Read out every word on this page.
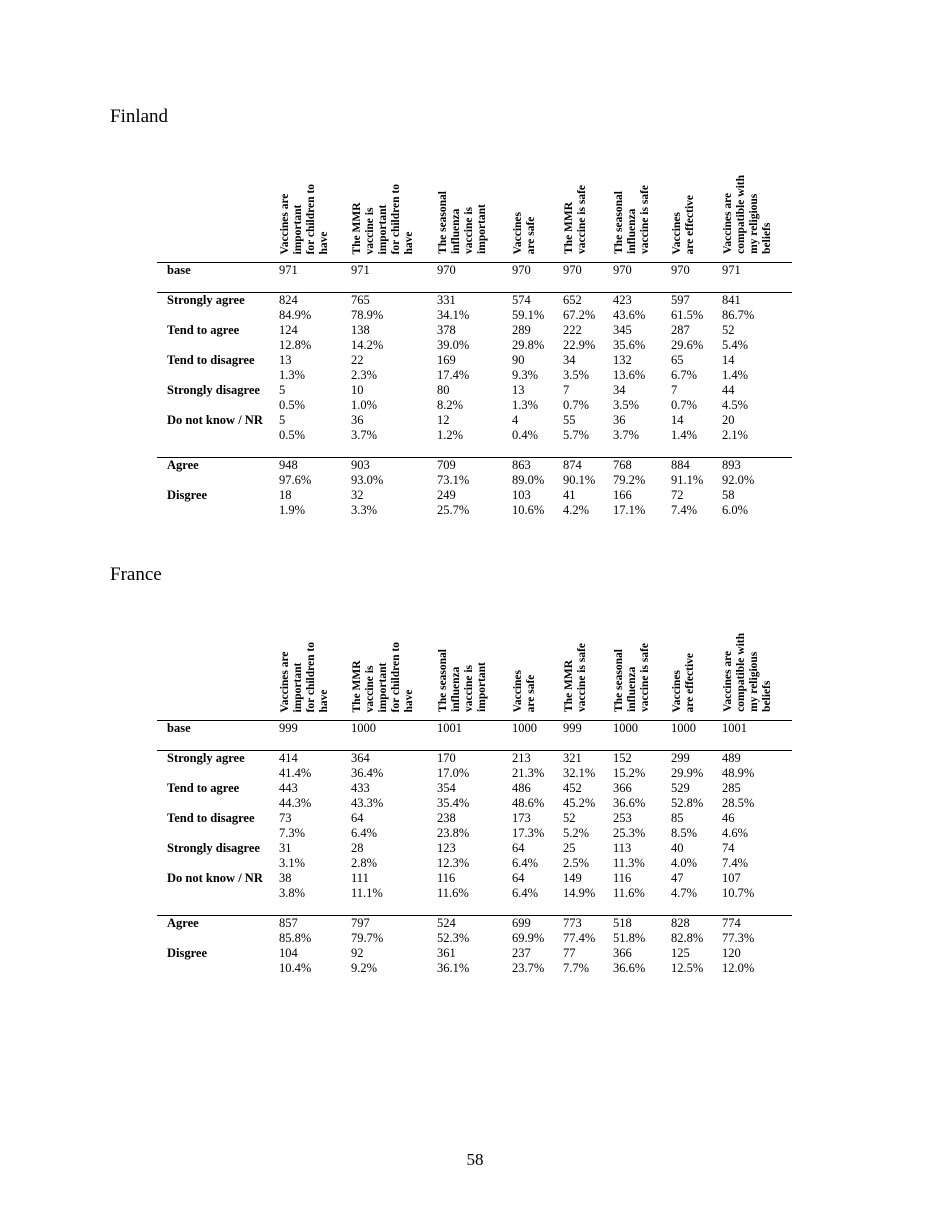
Finland
	Vaccines are
important
for children to
have	The MMR
vaccine is
important
for children to
have	The seasonal
influenza
vaccine is
important	Vaccines
are safe	The MMR
vaccine is safe	The seasonal
influenza
vaccine is safe	Vaccines
are effective	Vaccines are
compatible with
my religious
beliefs
base	971	971	970	970	970	970	970	971

Strongly agree	824	765	331	574	652	423	597	841
	84.9%	78.9%	34.1%	59.1%	67.2%	43.6%	61.5%	86.7%
Tend to agree	124	138	378	289	222	345	287	52
	12.8%	14.2%	39.0%	29.8%	22.9%	35.6%	29.6%	5.4%
Tend to disagree	13	22	169	90	34	132	65	14
	1.3%	2.3%	17.4%	9.3%	3.5%	13.6%	6.7%	1.4%
Strongly disagree	5	10	80	13	7	34	7	44
	0.5%	1.0%	8.2%	1.3%	0.7%	3.5%	0.7%	4.5%
Do not know / NR	5	36	12	4	55	36	14	20
	0.5%	3.7%	1.2%	0.4%	5.7%	3.7%	1.4%	2.1%

Agree	948	903	709	863	874	768	884	893
	97.6%	93.0%	73.1%	89.0%	90.1%	79.2%	91.1%	92.0%
Disgree	18	32	249	103	41	166	72	58
	1.9%	3.3%	25.7%	10.6%	4.2%	17.1%	7.4%	6.0%
France
	Vaccines are
important
for children to
have	The MMR
vaccine is
important
for children to
have	The seasonal
influenza
vaccine is
important	Vaccines
are safe	The MMR
vaccine is safe	The seasonal
influenza
vaccine is safe	Vaccines
are effective	Vaccines are
compatible with
my religious
beliefs
base	999	1000	1001	1000	999	1000	1000	1001

Strongly agree	414	364	170	213	321	152	299	489
	41.4%	36.4%	17.0%	21.3%	32.1%	15.2%	29.9%	48.9%
Tend to agree	443	433	354	486	452	366	529	285
	44.3%	43.3%	35.4%	48.6%	45.2%	36.6%	52.8%	28.5%
Tend to disagree	73	64	238	173	52	253	85	46
	7.3%	6.4%	23.8%	17.3%	5.2%	25.3%	8.5%	4.6%
Strongly disagree	31	28	123	64	25	113	40	74
	3.1%	2.8%	12.3%	6.4%	2.5%	11.3%	4.0%	7.4%
Do not know / NR	38	111	116	64	149	116	47	107
	3.8%	11.1%	11.6%	6.4%	14.9%	11.6%	4.7%	10.7%

Agree	857	797	524	699	773	518	828	774
	85.8%	79.7%	52.3%	69.9%	77.4%	51.8%	82.8%	77.3%
Disgree	104	92	361	237	77	366	125	120
	10.4%	9.2%	36.1%	23.7%	7.7%	36.6%	12.5%	12.0%
58
